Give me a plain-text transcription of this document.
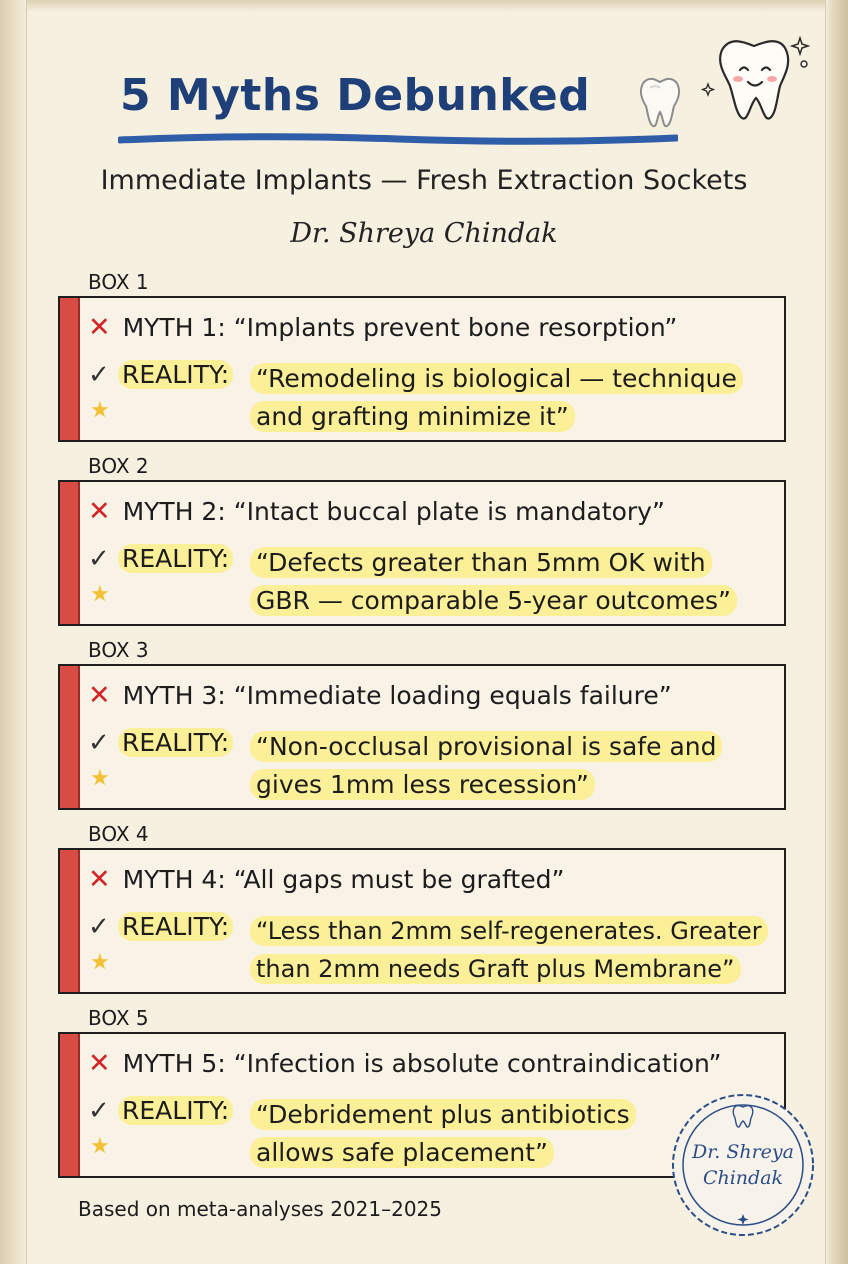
5 Myths Debunked
Immediate Implants — Fresh Extraction Sockets
Dr. Shreya Chindak
BOX 1
✕ MYTH 1: “Implants prevent bone resorption”
✓
★
REALITY: “Remodeling is biological — technique
and grafting minimize it”
BOX 2
✕ MYTH 2: “Intact buccal plate is mandatory”
✓
★
REALITY: “Defects greater than 5mm OK with
GBR — comparable 5-year outcomes”
BOX 3
✕ MYTH 3: “Immediate loading equals failure”
✓
★
REALITY: “Non-occlusal provisional is safe and
gives 1mm less recession”
BOX 4
✕ MYTH 4: “All gaps must be grafted”
✓
★
REALITY: “Less than 2mm self-regenerates. Greater
than 2mm needs Graft plus Membrane”
BOX 5
✕ MYTH 5: “Infection is absolute contraindication”
✓
★
REALITY: “Debridement plus antibiotics
allows safe placement”	Dr. Shreya
Chindak
Based on meta-analyses 2021–2025
